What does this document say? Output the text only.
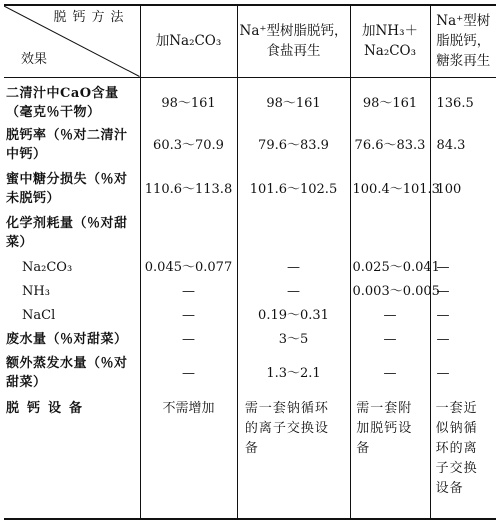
脱钙方法
效果	加Na₂CO₃	Na⁺型树脂脱钙，食盐再生	加NH₃＋Na₂CO₃	Na⁺型树脂脱钙，糖浆再生
二清汁中CaO含量（毫克％干物）	98～161	98～161	98～161	136.5
脱钙率（％对二清汁中钙）	60.3～70.9	79.6～83.9	76.6～83.3	84.3
蜜中糖分损失（％对未脱钙）	110.6～113.8	101.6～102.5	100.4～101.3	100
化学剂耗量（％对甜菜）				
Na₂CO₃	0.045～0.077	—	0.025～0.041	—
NH₃	—	—	0.003～0.005	—
NaCl	—	0.19～0.31	—	—
废水量（％对甜菜）	—	3～5	—	—
额外蒸发水量（％对甜菜）	—	1.3～2.1	—	—
脱钙设备	不需增加	需一套钠循环的离子交换设备	需一套附加脱钙设备	一套近似钠循环的离子交换设备
